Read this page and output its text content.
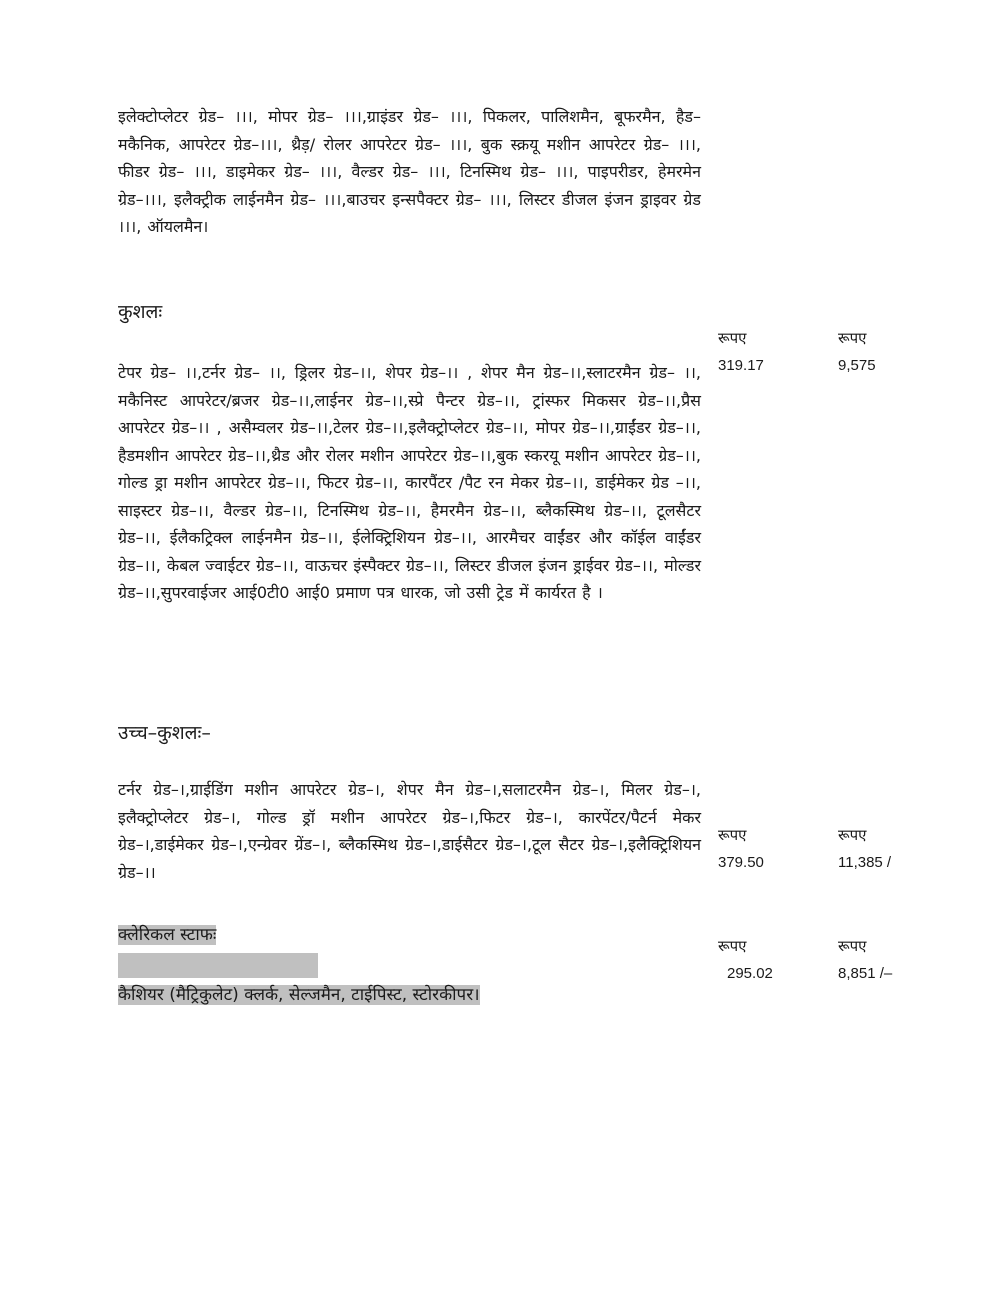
इलेक्टोप्लेटर ग्रेड– ।।।, मोपर ग्रेड– ।।।,ग्राइंडर ग्रेड– ।।।, पिकलर, पालिशमैन, बूफरमैन, हैड–मकैनिक, आपरेटर ग्रेड–।।।, थ्रैड़/ रोलर आपरेटर ग्रेड– ।।।, बुक स्क्रयू मशीन आपरेटर ग्रेड– ।।।, फीडर ग्रेड– ।।।, डाइमेकर ग्रेड– ।।।, वैल्डर ग्रेड– ।।।, टिनस्मिथ ग्रेड– ।।।, पाइपरीडर, हेमरमेन ग्रेड–।।।, इलैक्ट्रीक लाईनमैन ग्रेड– ।।।,बाउचर इन्सपैक्टर ग्रेड– ।।।, लिस्टर डीजल इंजन ड्राइवर ग्रेड ।।।, ऑयलमैन।
कुशलः
रूपए	रूपए
319.17	9,575
टेपर ग्रेड– ।।,टर्नर ग्रेड– ।।, ड्रिलर ग्रेड–।।, शेपर ग्रेड–।। , शेपर मैन ग्रेड–।।,स्लाटरमैन ग्रेड– ।।, मकैनिस्ट आपरेटर/ब्रजर ग्रेड–।।,लाईनर ग्रेड–।।,स्प्रे पैन्टर ग्रेड–।।, ट्रांस्फर मिकसर ग्रेड–।।,प्रैस आपरेटर ग्रेड–।। , असैम्वलर ग्रेड–।।,टेलर ग्रेड–।।,इलैक्ट्रोप्लेटर ग्रेड–।।, मोपर ग्रेड–।।,ग्राईंडर ग्रेड–।।, हैडमशीन आपरेटर ग्रेड–।।,थ्रैड और रोलर मशीन आपरेटर ग्रेड–।।,बुक स्करयू मशीन आपरेटर ग्रेड–।।, गोल्ड ड्रा मशीन आपरेटर ग्रेड–।।, फिटर ग्रेड–।।, कारपैंटर /पैट रन मेकर ग्रेड–।।, डाईमेकर ग्रेड –।।, साइस्टर ग्रेड–।।, वैल्डर ग्रेड–।।, टिनस्मिथ ग्रेड–।।, हैमरमैन ग्रेड–।।, ब्लैकस्मिथ ग्रेड–।।, टूलसैटर ग्रेड–।।, ईलैकट्रिक्ल लाईनमैन ग्रेड–।।, ईलेक्ट्रिशियन ग्रेड–।।, आरमैचर वाईंडर और कॉईल वाईंडर ग्रेड–।।, केबल ज्वाईटर ग्रेड–।।, वाऊचर इंस्पैक्टर ग्रेड–।।, लिस्टर डीजल इंजन ड्राईवर ग्रेड–।।, मोल्डर ग्रेड–।।,सुपरवाईजर आई0टी0 आई0 प्रमाण पत्र धारक, जो उसी ट्रेड में कार्यरत है ।
उच्च–कुशलः–
टर्नर ग्रेड–।,ग्राईडिंग मशीन आपरेटर ग्रेड–।, शेपर मैन ग्रेड–।,सलाटरमैन ग्रेड–।, मिलर ग्रेड–।, इलैक्ट्रोप्लेटर ग्रेड–।, गोल्ड ड्रॉ मशीन आपरेटर ग्रेड–।,फिटर ग्रेड–।, कारपेंटर/पैटर्न मेकर ग्रेड–।,डाईमेकर ग्रेड–।,एन्ग्रेवर ग्रेंड–।, ब्लैकस्मिथ ग्रेड–।,डाईसैटर ग्रेड–।,टूल सैटर ग्रेड–।,इलैक्ट्रिशियन ग्रेड–।।
रूपए	रूपए
379.50	11,385 /
क्लेरिकल स्टाफः
कैशियर (मैट्रिकुलेट) क्लर्क, सेल्जमैन, टाईपिस्ट, स्टोरकीपर।
रूपए	रूपए
295.02	8,851 /–
